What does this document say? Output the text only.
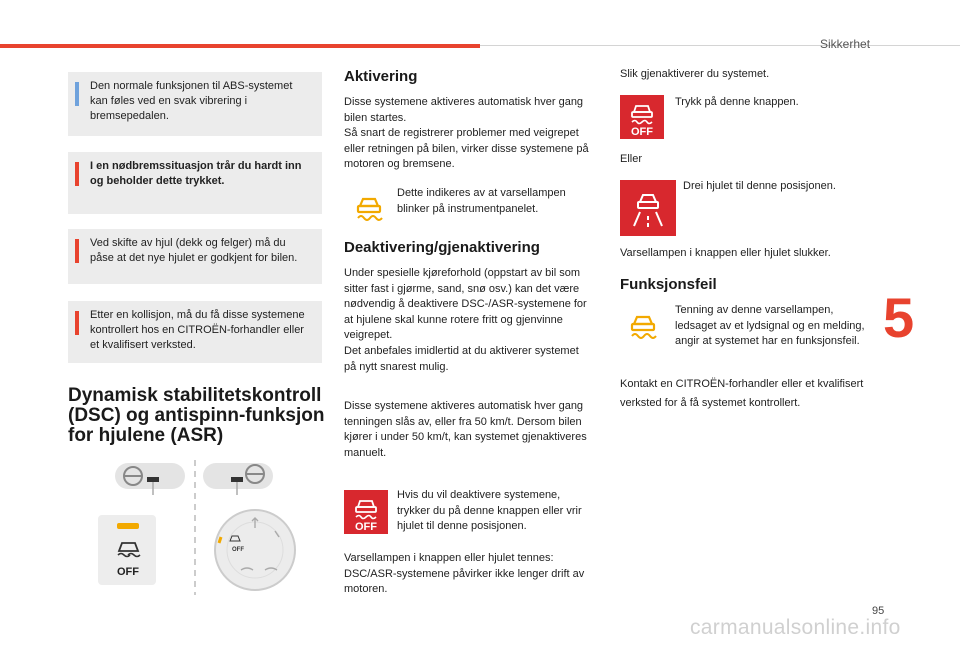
Sikkerhet
Den normale funksjonen til ABS-systemet kan føles ved en svak vibrering i bremsepedalen.
I en nødbremssituasjon trår du hardt inn og beholder dette trykket.
Ved skifte av hjul (dekk og felger) må du påse at det nye hjulet er godkjent for bilen.
Etter en kollisjon, må du få disse systemene kontrollert hos en CITROËN-forhandler eller et kvalifisert verksted.
Dynamisk stabilitetskontroll (DSC) og antispinn-funksjon for hjulene (ASR)
OFF
OFF
Aktivering
Disse systemene aktiveres automatisk hver gang bilen startes.
Så snart de registrerer problemer med veigrepet eller retningen på bilen, virker disse systemene på motoren og bremsene.
Dette indikeres av at varsellampen blinker på instrumentpanelet.
Deaktivering/gjenaktivering
Under spesielle kjøreforhold (oppstart av bil som sitter fast i gjørme, sand, snø osv.) kan det være nødvendig å deaktivere DSC-/ASR-systemene for at hjulene skal kunne rotere fritt og gjenvinne veigrepet.
Det anbefales imidlertid at du aktiverer systemet på nytt snarest mulig.
Disse systemene aktiveres automatisk hver gang tenningen slås av, eller fra 50 km/t. Dersom bilen kjører i under 50 km/t, kan systemet gjenaktiveres manuelt.
OFF
Hvis du vil deaktivere systemene, trykker du på denne knappen eller vrir hjulet til denne posisjonen.
Varsellampen i knappen eller hjulet tennes: DSC/ASR-systemene påvirker ikke lenger drift av motoren.
Slik gjenaktiverer du systemet.
OFF
Trykk på denne knappen.
Eller
Drei hjulet til denne posisjonen.
Varsellampen i knappen eller hjulet slukker.
Funksjonsfeil
Tenning av denne varsellampen, ledsaget av et lydsignal og en melding, angir at systemet har en funksjonsfeil.
Kontakt en CITROËN-forhandler eller et kvalifisert verksted for å få systemet kontrollert.
5
95
carmanualsonline.info
